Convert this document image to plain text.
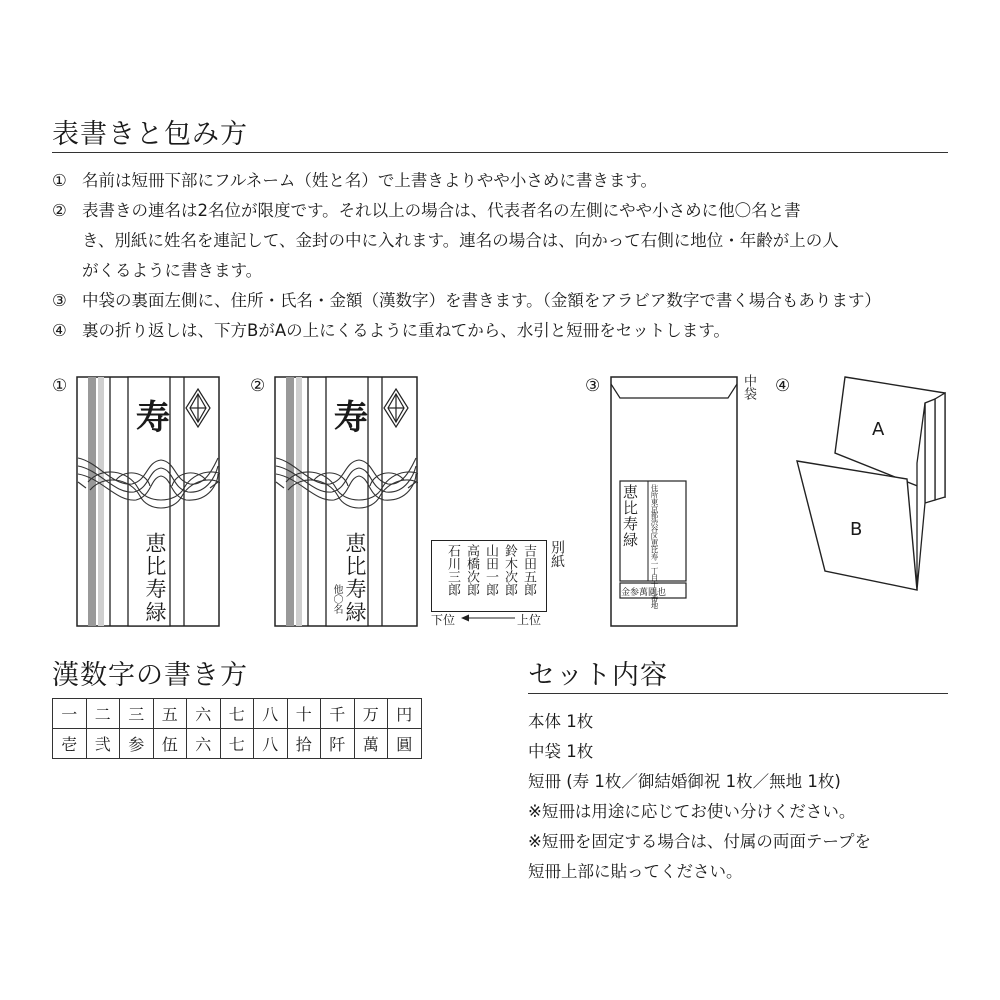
表書きと包み方
① 名前は短冊下部にフルネーム（姓と名）で上書きよりやや小さめに書きます。
② 表書きの連名は2名位が限度です。それ以上の場合は、代表者名の左側にやや小さめに他〇名と書
き、別紙に姓名を連記して、金封の中に入れます。連名の場合は、向かって右側に地位・年齢が上の人
がくるように書きます。
③ 中袋の裏面左側に、住所・氏名・金額（漢数字）を書きます。（金額をアラビア数字で書く場合もあります）
④ 裏の折り返しは、下方BがAの上にくるように重ねてから、水引と短冊をセットします。
①
寿
恵比寿緑
②
寿
恵比寿緑
他〇名
吉田五郎
鈴木次郎
山田一郎
高橋次郎
石川三郎	別紙
下位	上位
③
恵比寿緑 住所東京都渋谷区恵比寿一丁目十九番地
金参萬圓也
中袋 ④
A
B
漢数字の書き方
一	二	三	五	六	七	八	十	千	万	円
壱	弐	参	伍	六	七	八	拾	阡	萬	圓
セット内容
本体 1枚
中袋 1枚
短冊 (寿 1枚／御結婚御祝 1枚／無地 1枚)
※短冊は用途に応じてお使い分けください。
※短冊を固定する場合は、付属の両面テープを
短冊上部に貼ってください。
